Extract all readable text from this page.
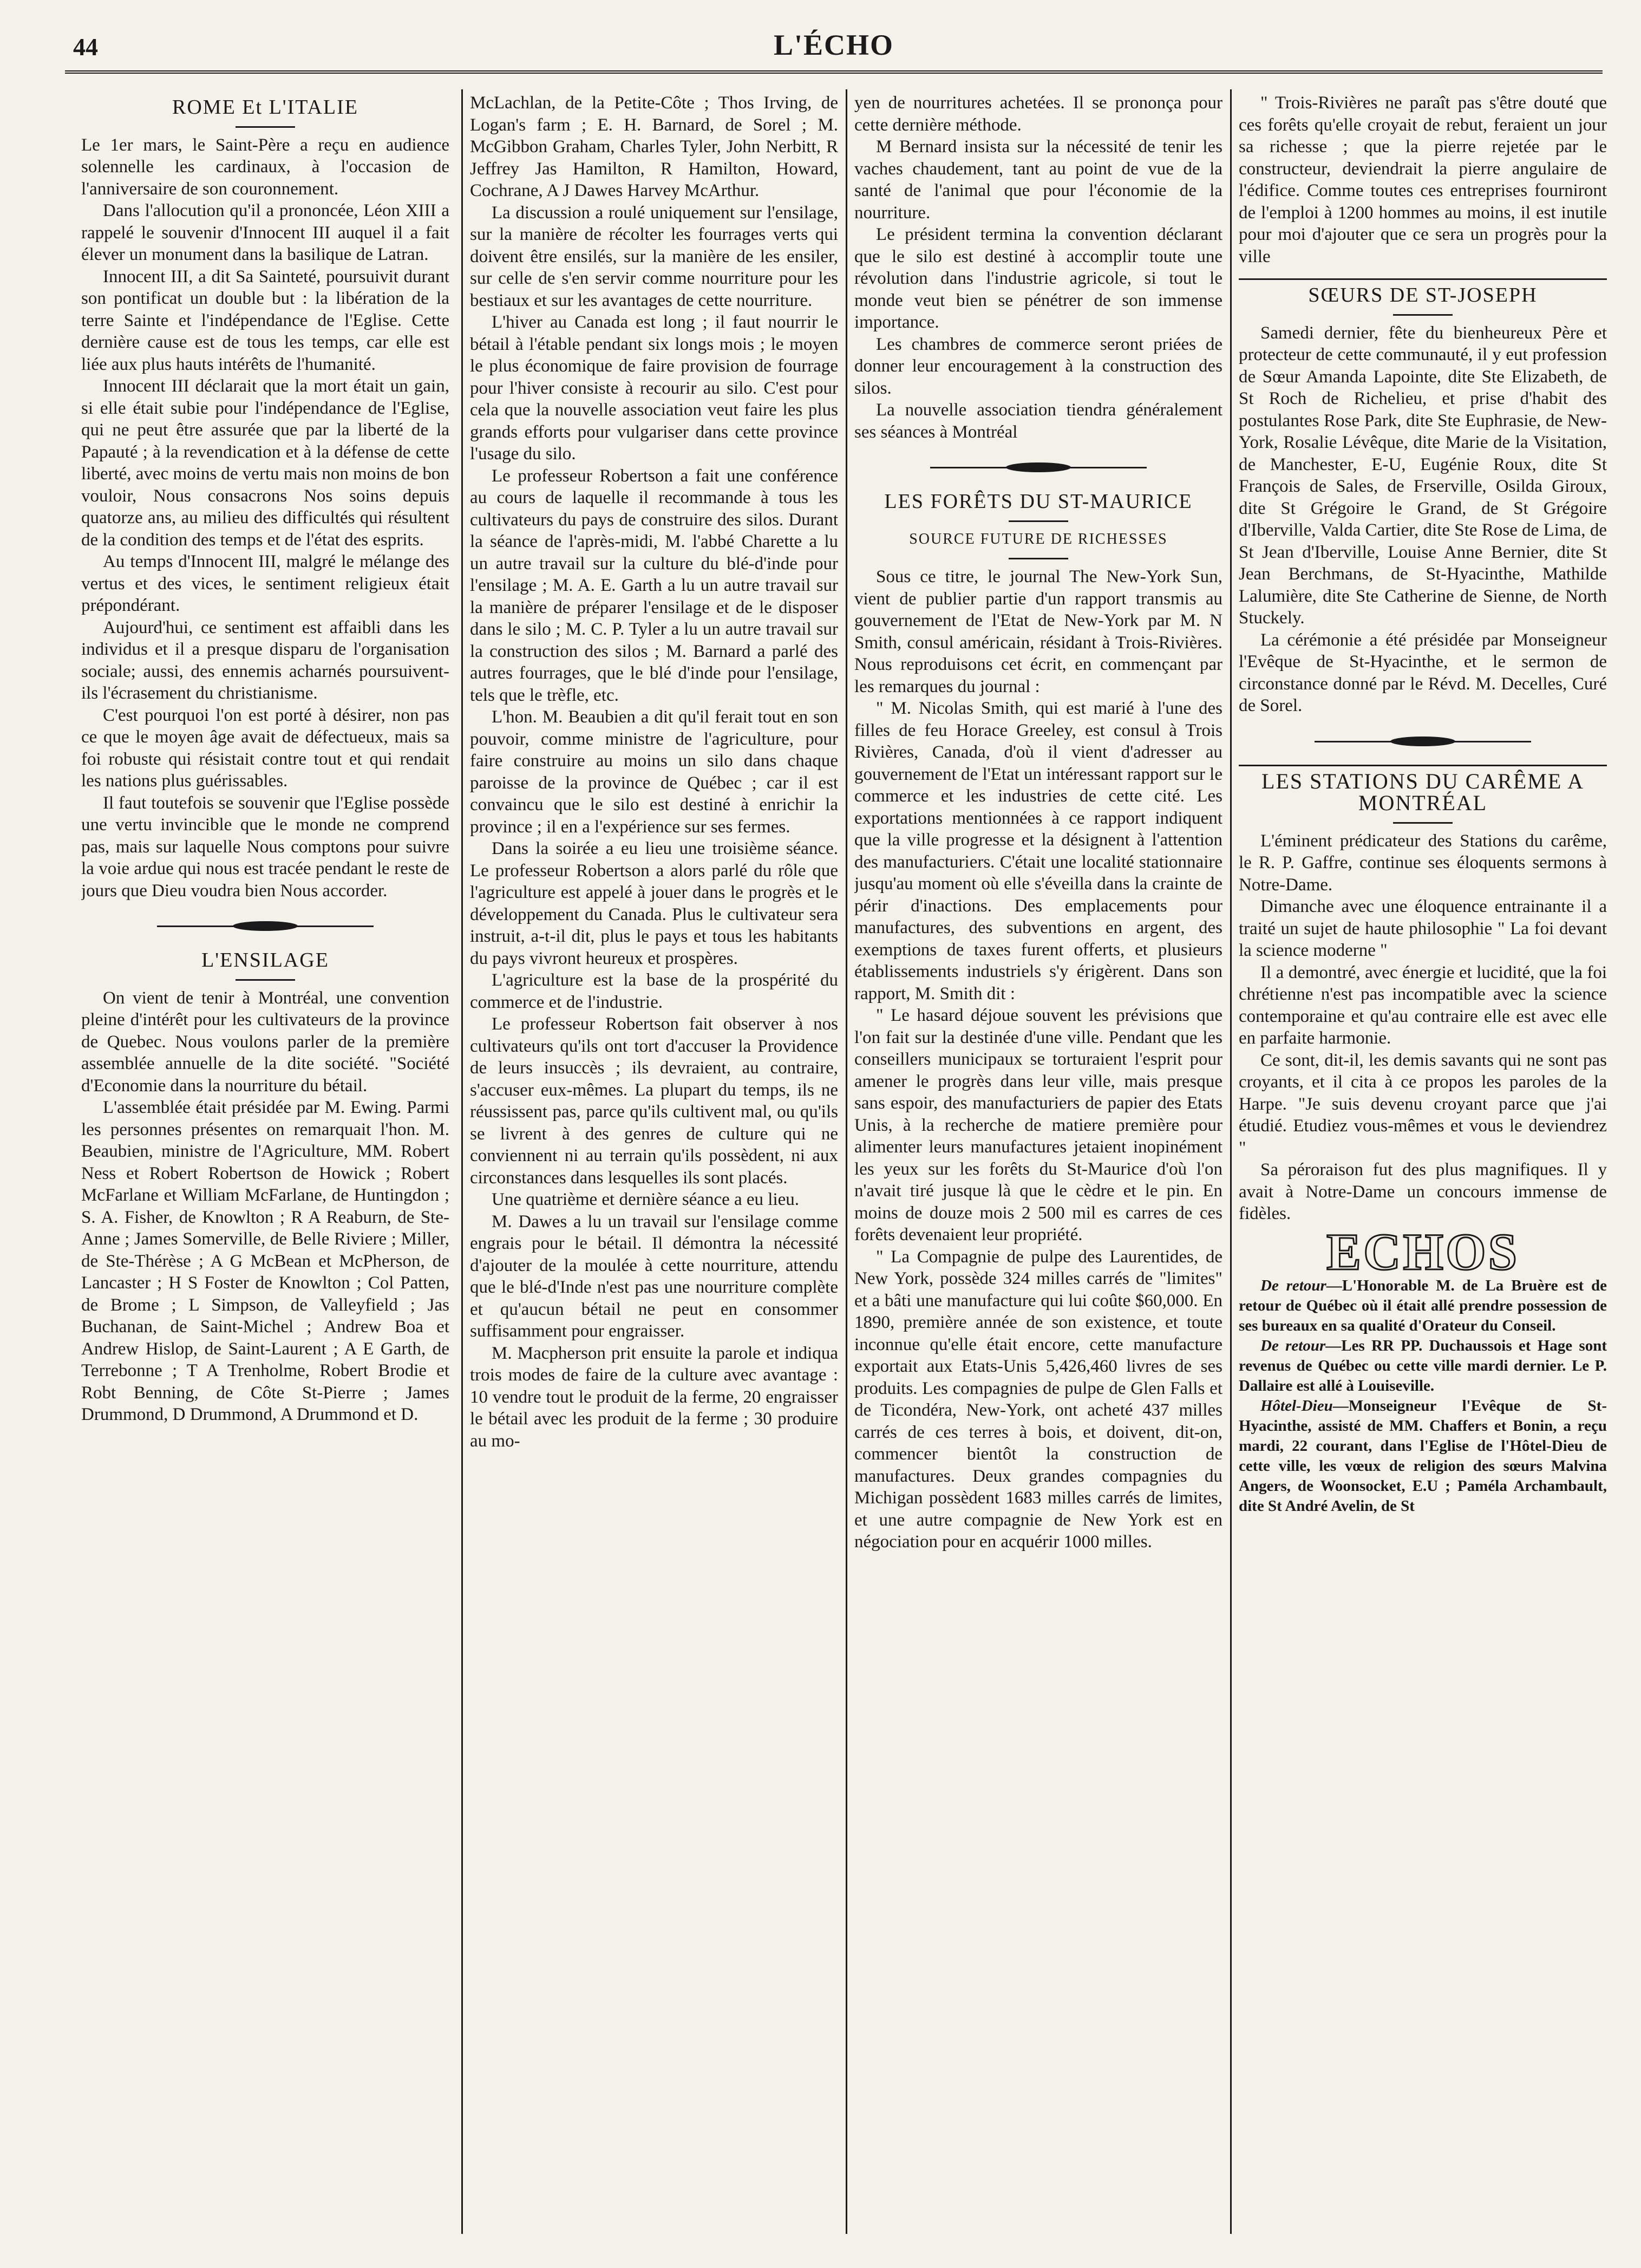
44	L'ÉCHO
ROME Et L'ITALIE

Le 1er mars, le Saint-Père a reçu en audience solennelle les cardinaux, à l'occasion de l'anniversaire de son couronnement.

Dans l'allocution qu'il a prononcée, Léon XIII a rappelé le souvenir d'Innocent III auquel il a fait élever un monument dans la basilique de Latran.

Innocent III, a dit Sa Sainteté, poursuivit durant son pontificat un double but : la libération de la terre Sainte et l'indépendance de l'Eglise. Cette dernière cause est de tous les temps, car elle est liée aux plus hauts intérêts de l'humanité.

Innocent III déclarait que la mort était un gain, si elle était subie pour l'indépendance de l'Eglise, qui ne peut être assurée que par la liberté de la Papauté ; à la revendication et à la défense de cette liberté, avec moins de vertu mais non moins de bon vouloir, Nous consacrons Nos soins depuis quatorze ans, au milieu des difficultés qui résultent de la condition des temps et de l'état des esprits.

Au temps d'Innocent III, malgré le mélange des vertus et des vices, le sentiment religieux était prépondérant.

Aujourd'hui, ce sentiment est affaibli dans les individus et il a presque disparu de l'organisation sociale; aussi, des ennemis acharnés poursuivent-ils l'écrasement du christianisme.

C'est pourquoi l'on est porté à désirer, non pas ce que le moyen âge avait de défectueux, mais sa foi robuste qui résistait contre tout et qui rendait les nations plus guérissables.

Il faut toutefois se souvenir que l'Eglise possède une vertu invincible que le monde ne comprend pas, mais sur laquelle Nous comptons pour suivre la voie ardue qui nous est tracée pendant le reste de jours que Dieu voudra bien Nous accorder.

L'ENSILAGE

On vient de tenir à Montréal, une convention pleine d'intérêt pour les cultivateurs de la province de Quebec. Nous voulons parler de la première assemblée annuelle de la dite société. "Société d'Economie dans la nourriture du bétail.

L'assemblée était présidée par M. Ewing. Parmi les personnes présentes on remarquait l'hon. M. Beaubien, ministre de l'Agriculture, MM. Robert Ness et Robert Robertson de Howick ; Robert McFarlane et William McFarlane, de Huntingdon ; S. A. Fisher, de Knowlton ; R A Reaburn, de Ste-Anne ; James Somerville, de Belle Riviere ; Miller, de Ste-Thérèse ; A G McBean et McPherson, de Lancaster ; H S Foster de Knowlton ; Col Patten, de Brome ; L Simpson, de Valleyfield ; Jas Buchanan, de Saint-Michel ; Andrew Boa et Andrew Hislop, de Saint-Laurent ; A E Garth, de Terrebonne ; T A Trenholme, Robert Brodie et Robt Benning, de Côte St-Pierre ; James Drummond, D Drummond, A Drummond et D.

McLachlan, de la Petite-Côte ; Thos Irving, de Logan's farm ; E. H. Barnard, de Sorel ; M. McGibbon Graham, Charles Tyler, John Nerbitt, R Jeffrey Jas Hamilton, R Hamilton, Howard, Cochrane, A J Dawes Harvey McArthur.

La discussion a roulé uniquement sur l'ensilage, sur la manière de récolter les fourrages verts qui doivent être ensilés, sur la manière de les ensiler, sur celle de s'en servir comme nourriture pour les bestiaux et sur les avantages de cette nourriture.

L'hiver au Canada est long ; il faut nourrir le bétail à l'étable pendant six longs mois ; le moyen le plus économique de faire provision de fourrage pour l'hiver consiste à recourir au silo. C'est pour cela que la nouvelle association veut faire les plus grands efforts pour vulgariser dans cette province l'usage du silo.

Le professeur Robertson a fait une conférence au cours de laquelle il recommande à tous les cultivateurs du pays de construire des silos. Durant la séance de l'après-midi, M. l'abbé Charette a lu un autre travail sur la culture du blé-d'inde pour l'ensilage ; M. A. E. Garth a lu un autre travail sur la manière de préparer l'ensilage et de le disposer dans le silo ; M. C. P. Tyler a lu un autre travail sur la construction des silos ; M. Barnard a parlé des autres fourrages, que le blé d'inde pour l'ensilage, tels que le trèfle, etc.

L'hon. M. Beaubien a dit qu'il ferait tout en son pouvoir, comme ministre de l'agriculture, pour faire construire au moins un silo dans chaque paroisse de la province de Québec ; car il est convaincu que le silo est destiné à enrichir la province ; il en a l'expérience sur ses fermes.

Dans la soirée a eu lieu une troisième séance. Le professeur Robertson a alors parlé du rôle que l'agriculture est appelé à jouer dans le progrès et le développement du Canada. Plus le cultivateur sera instruit, a-t-il dit, plus le pays et tous les habitants du pays vivront heureux et prospères.

L'agriculture est la base de la prospérité du commerce et de l'industrie.

Le professeur Robertson fait observer à nos cultivateurs qu'ils ont tort d'accuser la Providence de leurs insuccès ; ils devraient, au contraire, s'accuser eux-mêmes. La plupart du temps, ils ne réussissent pas, parce qu'ils cultivent mal, ou qu'ils se livrent à des genres de culture qui ne conviennent ni au terrain qu'ils possèdent, ni aux circonstances dans lesquelles ils sont placés.

Une quatrième et dernière séance a eu lieu.

M. Dawes a lu un travail sur l'ensilage comme engrais pour le bétail. Il démontra la nécessité d'ajouter de la moulée à cette nourriture, attendu que le blé-d'Inde n'est pas une nourriture complète et qu'aucun bétail ne peut en consommer suffisamment pour engraisser.

M. Macpherson prit ensuite la parole et indiqua trois modes de faire de la culture avec avantage : 10 vendre tout le produit de la ferme, 20 engraisser le bétail avec les produit de la ferme ; 30 produire au mo-

yen de nourritures achetées. Il se prononça pour cette dernière méthode.

M Bernard insista sur la nécessité de tenir les vaches chaudement, tant au point de vue de la santé de l'animal que pour l'économie de la nourriture.

Le président termina la convention déclarant que le silo est destiné à accomplir toute une révolution dans l'industrie agricole, si tout le monde veut bien se pénétrer de son immense importance.

Les chambres de commerce seront priées de donner leur encouragement à la construction des silos.

La nouvelle association tiendra généralement ses séances à Montréal

LES FORÊTS DU ST-MAURICE
SOURCE FUTURE DE RICHESSES

Sous ce titre, le journal The New-York Sun, vient de publier partie d'un rapport transmis au gouvernement de l'Etat de New-York par M. N Smith, consul américain, résidant à Trois-Rivières. Nous reproduisons cet écrit, en commençant par les remarques du journal :

" M. Nicolas Smith, qui est marié à l'une des filles de feu Horace Greeley, est consul à Trois Rivières, Canada, d'où il vient d'adresser au gouvernement de l'Etat un intéressant rapport sur le commerce et les industries de cette cité. Les exportations mentionnées à ce rapport indiquent que la ville progresse et la désignent à l'attention des manufacturiers. C'était une localité stationnaire jusqu'au moment où elle s'éveilla dans la crainte de périr d'inactions. Des emplacements pour manufactures, des subventions en argent, des exemptions de taxes furent offerts, et plusieurs établissements industriels s'y érigèrent. Dans son rapport, M. Smith dit :

" Le hasard déjoue souvent les prévisions que l'on fait sur la destinée d'une ville. Pendant que les conseillers municipaux se torturaient l'esprit pour amener le progrès dans leur ville, mais presque sans espoir, des manufacturiers de papier des Etats Unis, à la recherche de matiere première pour alimenter leurs manufactures jetaient inopinément les yeux sur les forêts du St-Maurice d'où l'on n'avait tiré jusque là que le cèdre et le pin. En moins de douze mois 2 500 mil es carres de ces forêts devenaient leur propriété.

" La Compagnie de pulpe des Laurentides, de New York, possède 324 milles carrés de "limites" et a bâti une manufacture qui lui coûte $60,000. En 1890, première année de son existence, et toute inconnue qu'elle était encore, cette manufacture exportait aux Etats-Unis 5,426,460 livres de ses produits. Les compagnies de pulpe de Glen Falls et de Ticondéra, New-York, ont acheté 437 milles carrés de ces terres à bois, et doivent, dit-on, commencer bientôt la construction de manufactures. Deux grandes compagnies du Michigan possèdent 1683 milles carrés de limites, et une autre compagnie de New York est en négociation pour en acquérir 1000 milles.

" Trois-Rivières ne paraît pas s'être douté que ces forêts qu'elle croyait de rebut, feraient un jour sa richesse ; que la pierre rejetée par le constructeur, deviendrait la pierre angulaire de l'édifice. Comme toutes ces entreprises fourniront de l'emploi à 1200 hommes au moins, il est inutile pour moi d'ajouter que ce sera un progrès pour la ville

SŒURS DE ST-JOSEPH

Samedi dernier, fête du bienheureux Père et protecteur de cette communauté, il y eut profession de Sœur Amanda Lapointe, dite Ste Elizabeth, de St Roch de Richelieu, et prise d'habit des postulantes Rose Park, dite Ste Euphrasie, de New-York, Rosalie Lévêque, dite Marie de la Visitation, de Manchester, E-U, Eugénie Roux, dite St François de Sales, de Frserville, Osilda Giroux, dite St Grégoire le Grand, de St Grégoire d'Iberville, Valda Cartier, dite Ste Rose de Lima, de St Jean d'Iberville, Louise Anne Bernier, dite St Jean Berchmans, de St-Hyacinthe, Mathilde Lalumière, dite Ste Catherine de Sienne, de North Stuckely.

La cérémonie a été présidée par Monseigneur l'Evêque de St-Hyacinthe, et le sermon de circonstance donné par le Révd. M. Decelles, Curé de Sorel.

LES STATIONS DU CARÊME A MONTRÉAL

L'éminent prédicateur des Stations du carême, le R. P. Gaffre, continue ses éloquents sermons à Notre-Dame.

Dimanche avec une éloquence entrainante il a traité un sujet de haute philosophie " La foi devant la science moderne "

Il a demontré, avec énergie et lucidité, que la foi chrétienne n'est pas incompatible avec la science contemporaine et qu'au contraire elle est avec elle en parfaite harmonie.

Ce sont, dit-il, les demis savants qui ne sont pas croyants, et il cita à ce propos les paroles de la Harpe. "Je suis devenu croyant parce que j'ai étudié. Etudiez vous-mêmes et vous le deviendrez "

Sa péroraison fut des plus magnifiques. Il y avait à Notre-Dame un concours immense de fidèles.

ECHOS

De retour—L'Honorable M. de La Bruère est de retour de Québec où il était allé prendre possession de ses bureaux en sa qualité d'Orateur du Conseil.

De retour—Les RR PP. Duchaussois et Hage sont revenus de Québec ou cette ville mardi dernier. Le P. Dallaire est allé à Louiseville.

Hôtel-Dieu—Monseigneur l'Evêque de St-Hyacinthe, assisté de MM. Chaffers et Bonin, a reçu mardi, 22 courant, dans l'Eglise de l'Hôtel-Dieu de cette ville, les vœux de religion des sœurs Malvina Angers, de Woonsocket, E.U ; Paméla Archambault, dite St André Avelin, de St
